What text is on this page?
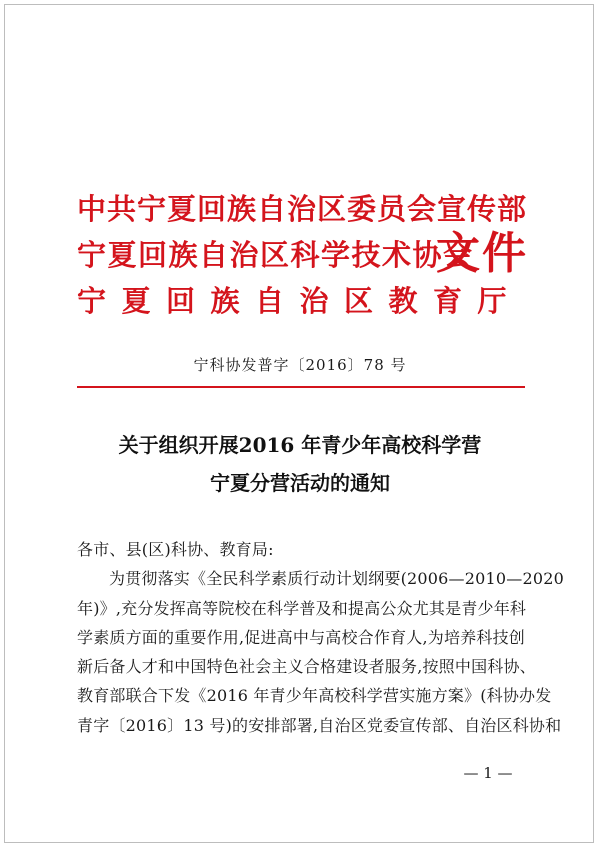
中共宁夏回族自治区委员会宣传部
宁夏回族自治区科学技术协会
宁夏回族自治区教育厅
文件
宁科协发普字〔2016〕78 号
关于组织开展2016 年青少年高校科学营
宁夏分营活动的通知
各市、县(区)科协、教育局:
为贯彻落实《全民科学素质行动计划纲要(2006—2010—2020
年)》,充分发挥高等院校在科学普及和提高公众尤其是青少年科
学素质方面的重要作用,促进高中与高校合作育人,为培养科技创
新后备人才和中国特色社会主义合格建设者服务,按照中国科协、
教育部联合下发《2016 年青少年高校科学营实施方案》(科协办发
青字〔2016〕13 号)的安排部署,自治区党委宣传部、自治区科协和
— 1 —
